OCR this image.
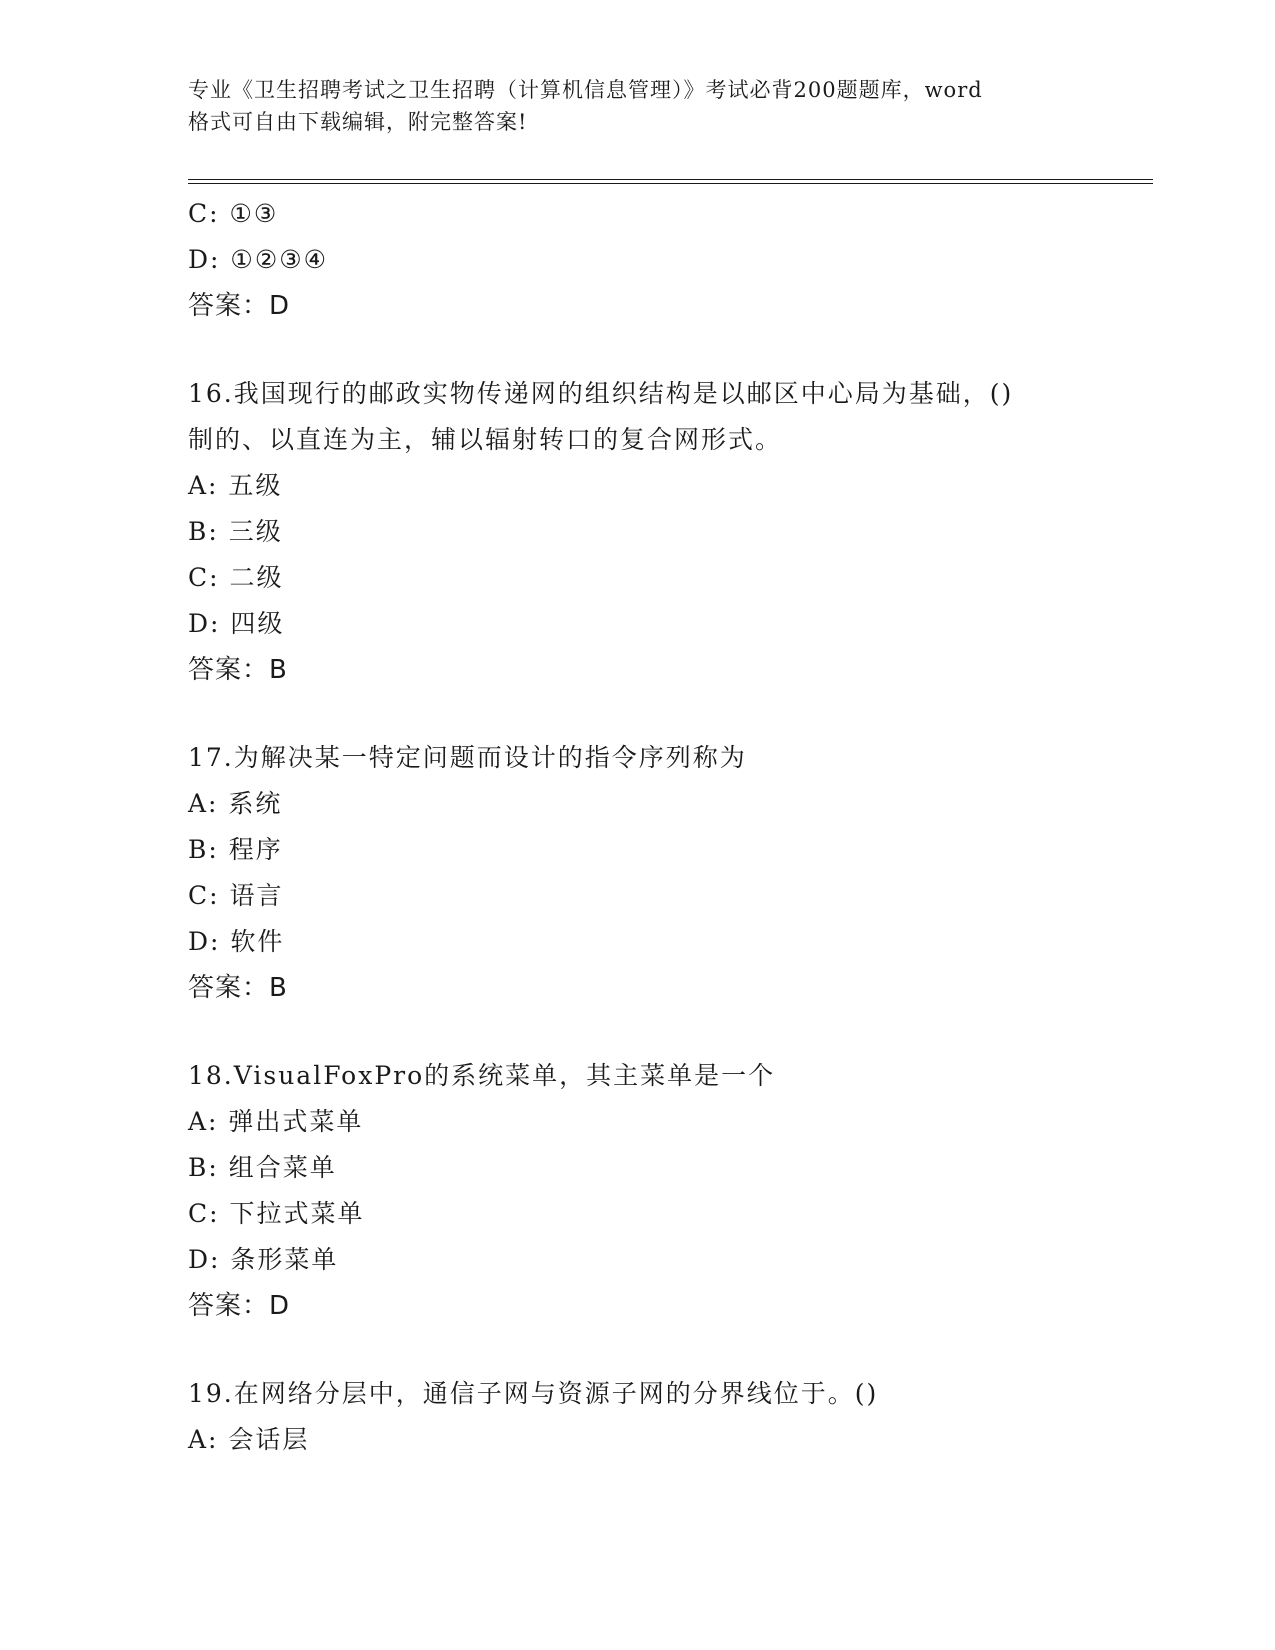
专业《卫生招聘考试之卫生招聘（计算机信息管理）》考试必背200题题库，word
格式可自由下载编辑，附完整答案!
C: ①③
D: ①②③④
答案：D
16.我国现行的邮政实物传递网的组织结构是以邮区中心局为基础，()
制的、以直连为主，辅以辐射转口的复合网形式。
A: 五级
B: 三级
C: 二级
D: 四级
答案：B
17.为解决某一特定问题而设计的指令序列称为
A: 系统
B: 程序
C: 语言
D: 软件
答案：B
18.VisualFoxPro的系统菜单，其主菜单是一个
A: 弹出式菜单
B: 组合菜单
C: 下拉式菜单
D: 条形菜单
答案：D
19.在网络分层中，通信子网与资源子网的分界线位于。()
A: 会话层
